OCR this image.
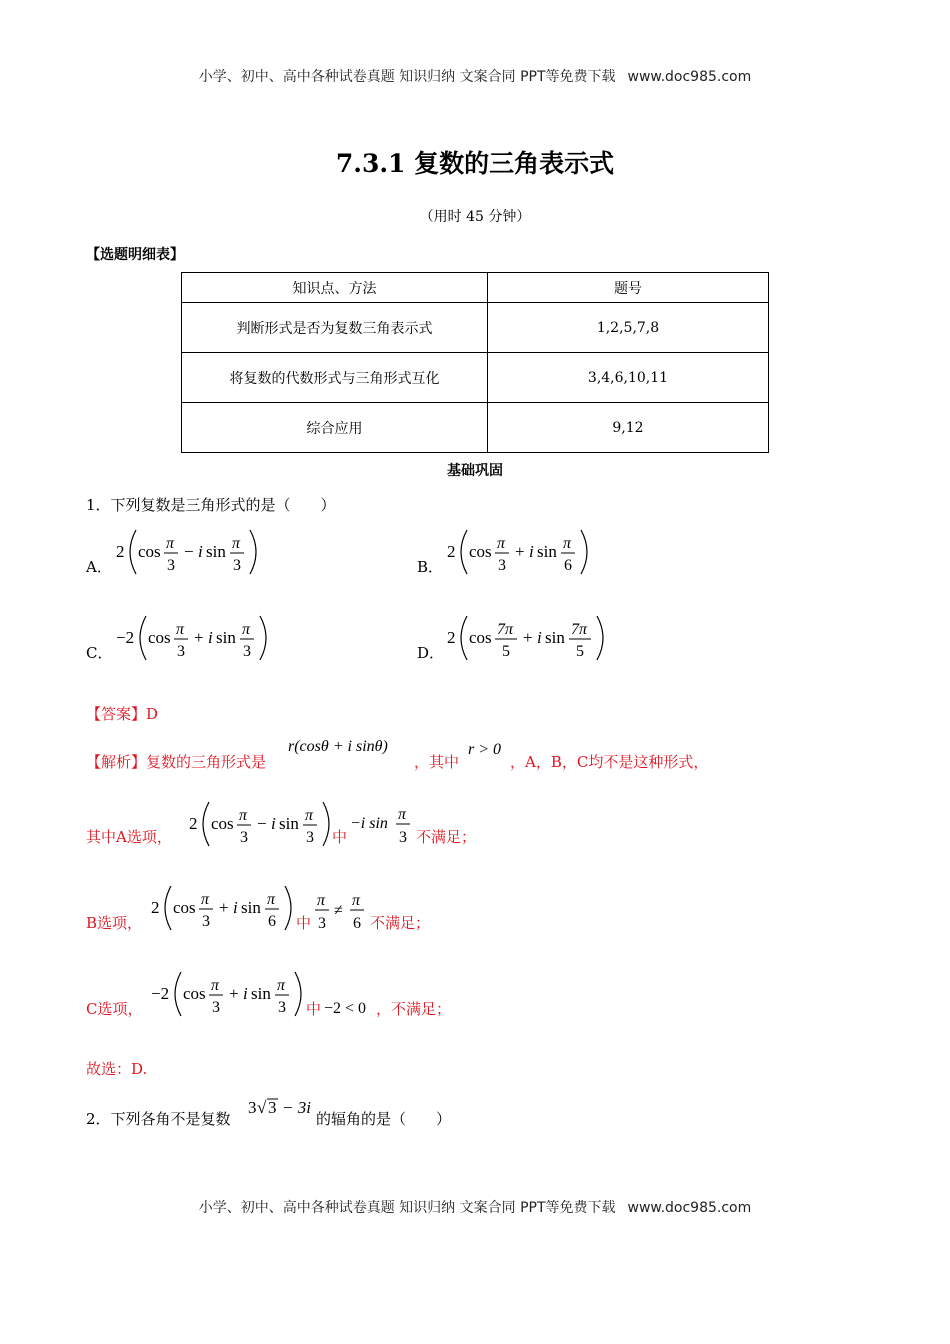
小学、初中、高中各种试卷真题 知识归纳 文案合同 PPT等免费下载 www.doc985.com
7.3.1 复数的三角表示式
（用时 45 分钟）
【选题明细表】
知识点、方法	题号
判断形式是否为复数三角表示式	1,2,5,7,8
将复数的代数形式与三角形式互化	3,4,6,10,11
综合应用	9,12
基础巩固
1．下列复数是三角形式的是（　　）
A．
2 cos π
3
− i sin π
3	B．
2 cos π
3
+ i sin π
6
C．
−2 cos π
3
+ i sin π
3	D．
2 cos 7π
5
+ i sin 7π
5
【答案】D
【解析】复数的三角形式是
r(cosθ + i sinθ)
，其中
r > 0
，A，B，C均不是这种形式，
其中A选项，
2 cos π
3
− i sin π
3 中
−i sin
π
3 不满足；
B选项，
2 cos π
3
+ i sin π
6 中
π
3
≠
π
6 不满足；
C选项，
−2 cos π
3
+ i sin π
3 中 −2 < 0 ，不满足；
故选：D.
2．下列各角不是复数
3 √ 3 − 3i
的辐角的是（　　）
小学、初中、高中各种试卷真题 知识归纳 文案合同 PPT等免费下载 www.doc985.com
